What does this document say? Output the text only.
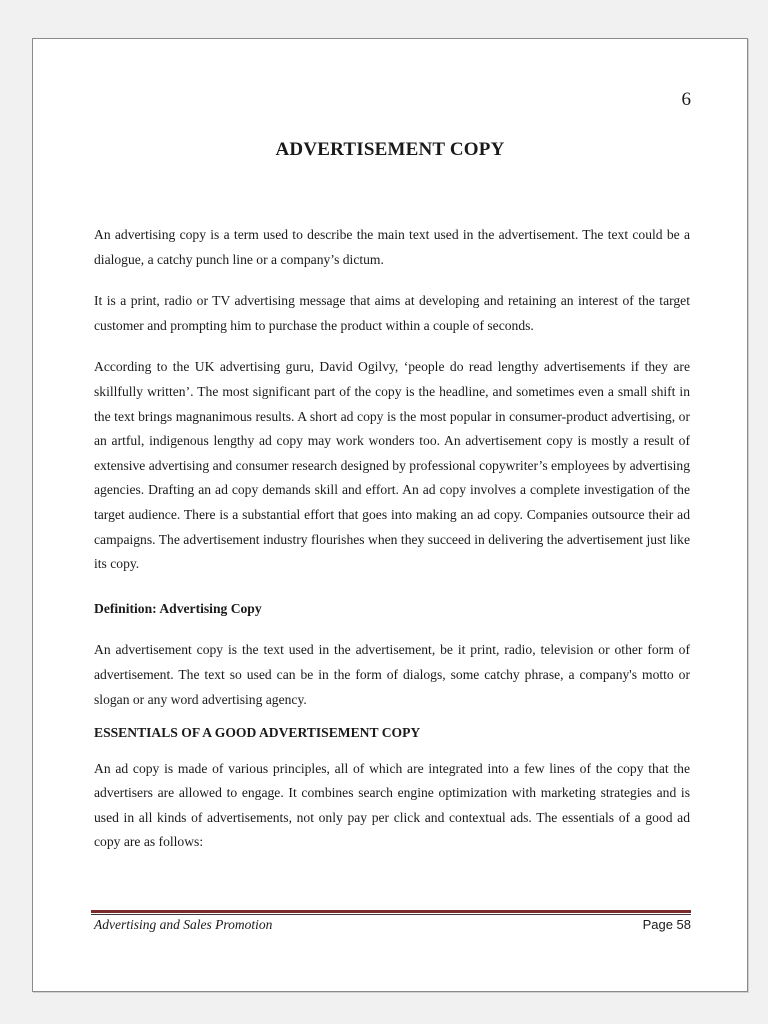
6
ADVERTISEMENT COPY

An advertising copy is a term used to describe the main text used in the advertisement. The text could be a dialogue, a catchy punch line or a company’s dictum.

It is a print, radio or TV advertising message that aims at developing and retaining an interest of the target customer and prompting him to purchase the product within a couple of seconds.

According to the UK advertising guru, David Ogilvy, ‘people do read lengthy advertisements if they are skillfully written’. The most significant part of the copy is the headline, and sometimes even a small shift in the text brings magnanimous results. A short ad copy is the most popular in consumer-product advertising, or an artful, indigenous lengthy ad copy may work wonders too. An advertisement copy is mostly a result of extensive advertising and consumer research designed by professional copywriter’s employees by advertising agencies. Drafting an ad copy demands skill and effort. An ad copy involves a complete investigation of the target audience. There is a substantial effort that goes into making an ad copy. Companies outsource their ad campaigns. The advertisement industry flourishes when they succeed in delivering the advertisement just like its copy.

Definition: Advertising Copy

An advertisement copy is the text used in the advertisement, be it print, radio, television or other form of advertisement. The text so used can be in the form of dialogs, some catchy phrase, a company's motto or slogan or any word advertising agency.

ESSENTIALS OF A GOOD ADVERTISEMENT COPY

An ad copy is made of various principles, all of which are integrated into a few lines of the copy that the advertisers are allowed to engage. It combines search engine optimization with marketing strategies and is used in all kinds of advertisements, not only pay per click and contextual ads. The essentials of a good ad copy are as follows:

Advertising and Sales Promotion	Page 58
